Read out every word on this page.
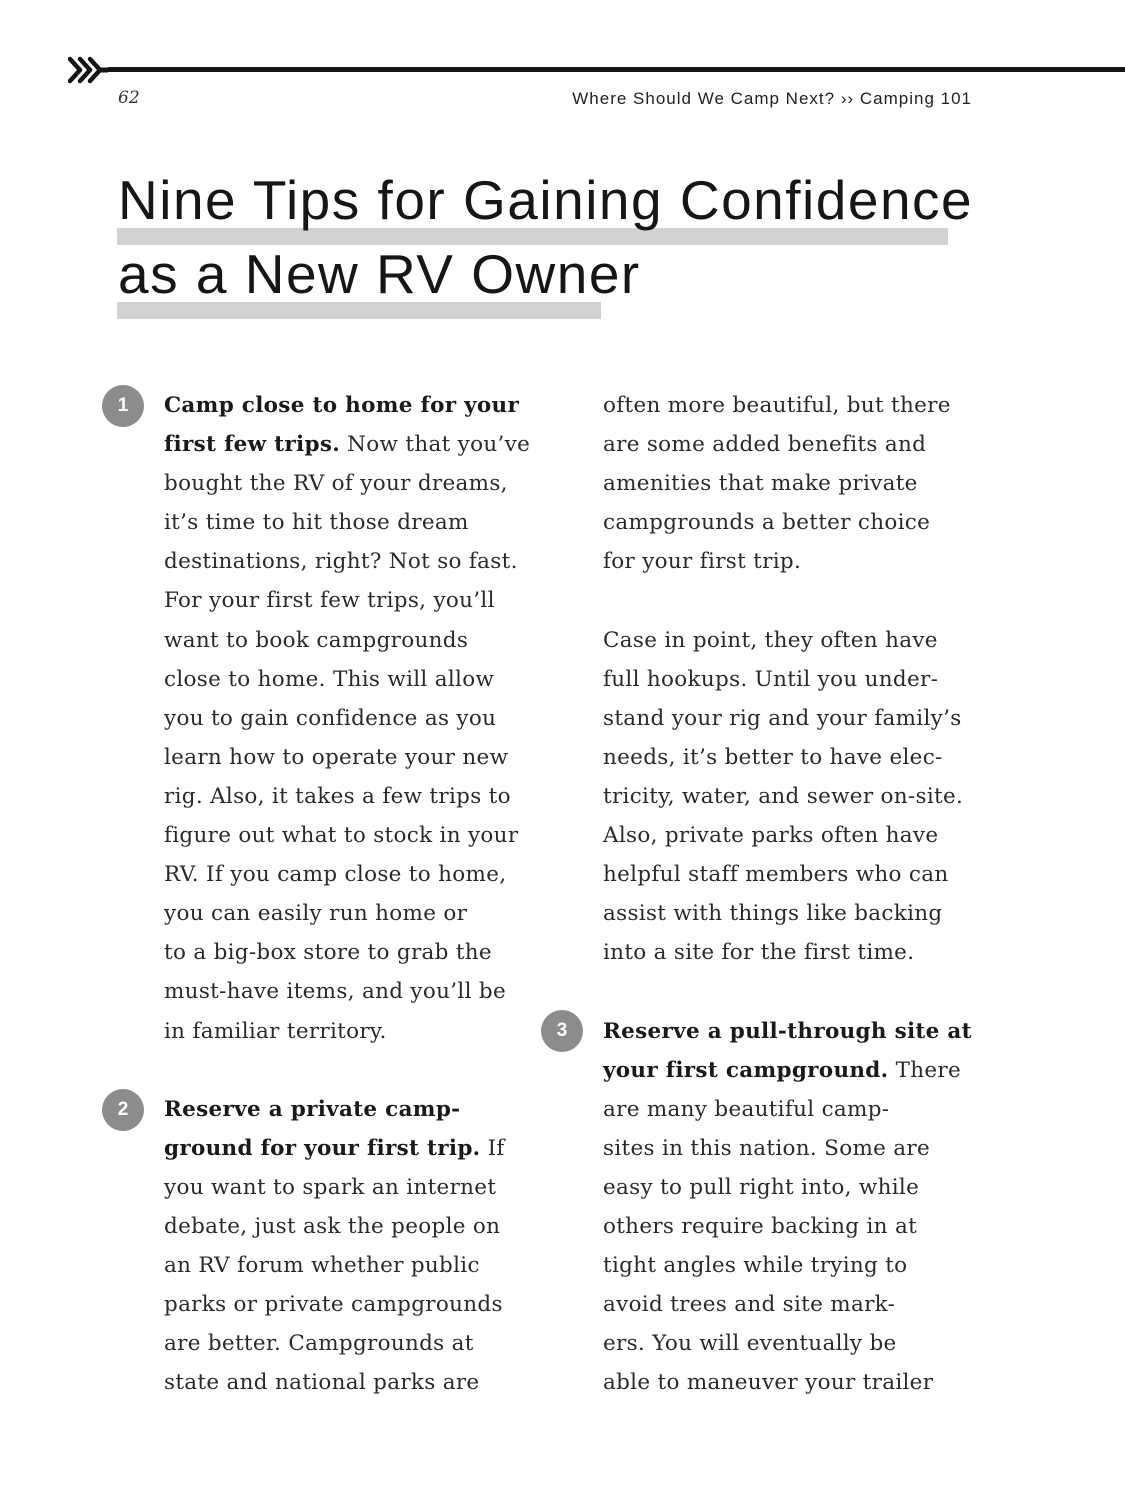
62	Where Should We Camp Next? ›› Camping 101
Nine Tips for Gaining Confidence
as a New RV Owner
1
2
3
Camp close to home for your
first few trips. Now that you’ve
bought the RV of your dreams,
it’s time to hit those dream
destinations, right? Not so fast.
For your first few trips, you’ll
want to book campgrounds
close to home. This will allow
you to gain confidence as you
learn how to operate your new
rig. Also, it takes a few trips to
figure out what to stock in your
RV. If you camp close to home,
you can easily run home or
to a big-box store to grab the
must-have items, and you’ll be
in familiar territory.
Reserve a private camp-
ground for your first trip. If
you want to spark an internet
debate, just ask the people on
an RV forum whether public
parks or private campgrounds
are better. Campgrounds at
state and national parks are
often more beautiful, but there
are some added benefits and
amenities that make private
campgrounds a better choice
for your first trip.
Case in point, they often have
full hookups. Until you under-
stand your rig and your family’s
needs, it’s better to have elec-
tricity, water, and sewer on-site.
Also, private parks often have
helpful staff members who can
assist with things like backing
into a site for the first time.
Reserve a pull-through site at
your first campground. There
are many beautiful camp-
sites in this nation. Some are
easy to pull right into, while
others require backing in at
tight angles while trying to
avoid trees and site mark-
ers. You will eventually be
able to maneuver your trailer
